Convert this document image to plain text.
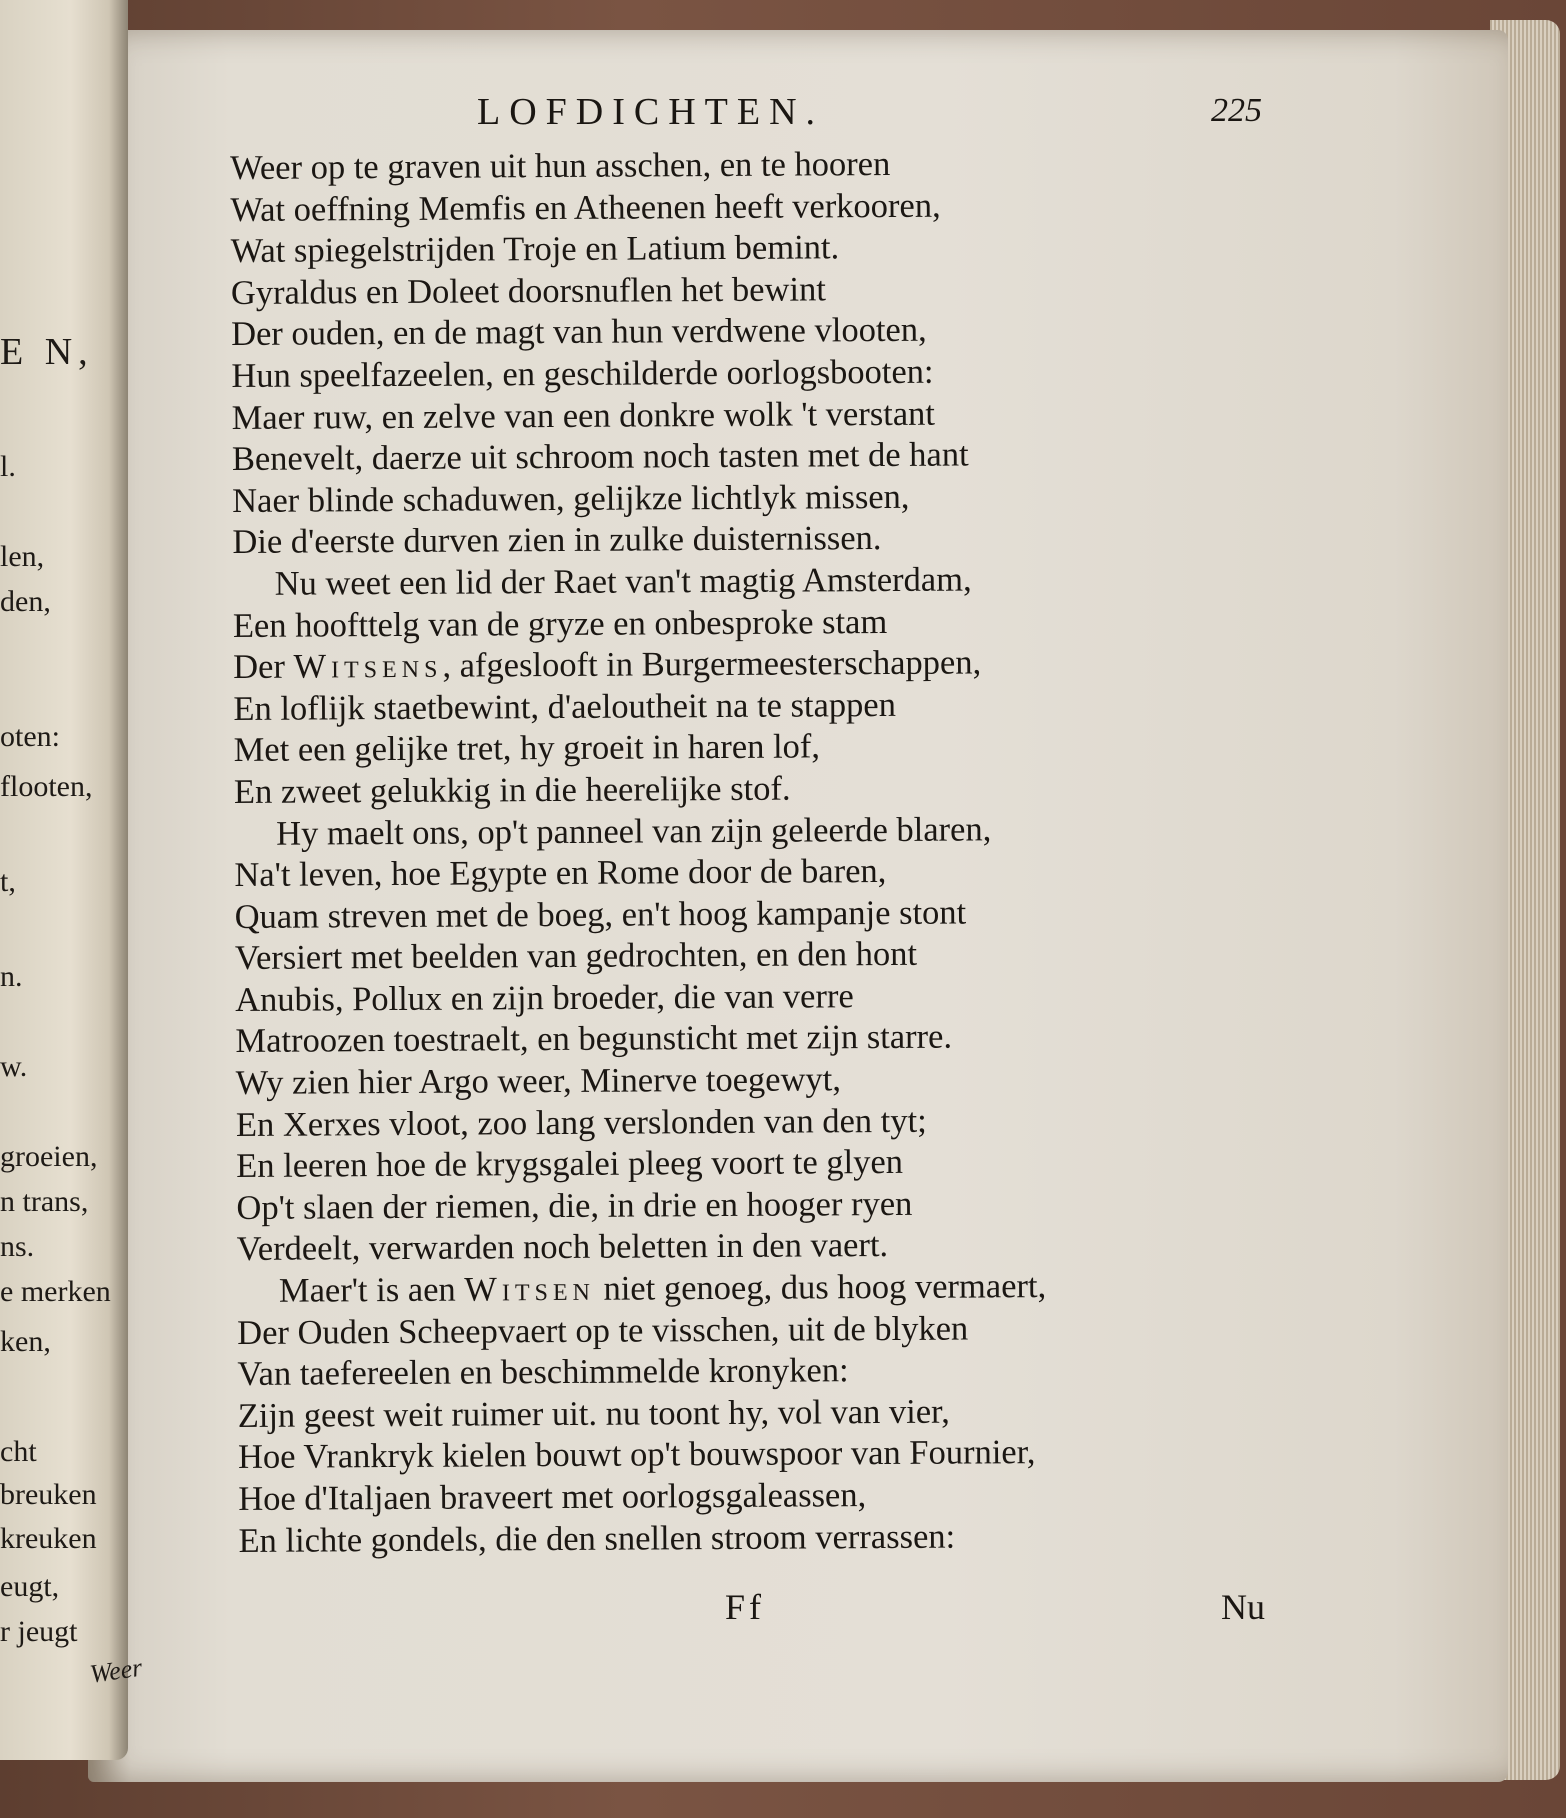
E N,
l.
len,
den,
oten:
flooten,
t,
n.
w.
groeien,
n trans,
ns.
e merken
ken,
cht
breuken
kreuken
eugt,
r jeugt
Weer
LOFDICHTEN.	225
Weer op te graven uit hun asschen, en te hooren
Wat oeffning Memfis en Atheenen heeft verkooren,
Wat spiegelstrijden Troje en Latium bemint.
Gyraldus en Doleet doorsnuflen het bewint
Der ouden, en de magt van hun verdwene vlooten,
Hun speelfazeelen, en geschilderde oorlogsbooten:
Maer ruw, en zelve van een donkre wolk 't verstant
Benevelt, daerze uit schroom noch tasten met de hant
Naer blinde schaduwen, gelijkze lichtlyk missen,
Die d'eerste durven zien in zulke duisternissen.
Nu weet een lid der Raet van't magtig Amsterdam,
Een hoofttelg van de gryze en onbesproke stam
Der Witsens, afgeslooft in Burgermeesterschappen,
En loflijk staetbewint, d'aeloutheit na te stappen
Met een gelijke tret, hy groeit in haren lof,
En zweet gelukkig in die heerelijke stof.
Hy maelt ons, op't panneel van zijn geleerde blaren,
Na't leven, hoe Egypte en Rome door de baren,
Quam streven met de boeg, en't hoog kampanje stont
Versiert met beelden van gedrochten, en den hont
Anubis, Pollux en zijn broeder, die van verre
Matroozen toestraelt, en begunsticht met zijn starre.
Wy zien hier Argo weer, Minerve toegewyt,
En Xerxes vloot, zoo lang verslonden van den tyt;
En leeren hoe de krygsgalei pleeg voort te glyen
Op't slaen der riemen, die, in drie en hooger ryen
Verdeelt, verwarden noch beletten in den vaert.
Maer't is aen Witsen niet genoeg, dus hoog vermaert,
Der Ouden Scheepvaert op te visschen, uit de blyken
Van taefereelen en beschimmelde kronyken:
Zijn geest weit ruimer uit. nu toont hy, vol van vier,
Hoe Vrankryk kielen bouwt op't bouwspoor van Fournier,
Hoe d'Italjaen braveert met oorlogsgaleassen,
En lichte gondels, die den snellen stroom verrassen:
Ff	Nu
